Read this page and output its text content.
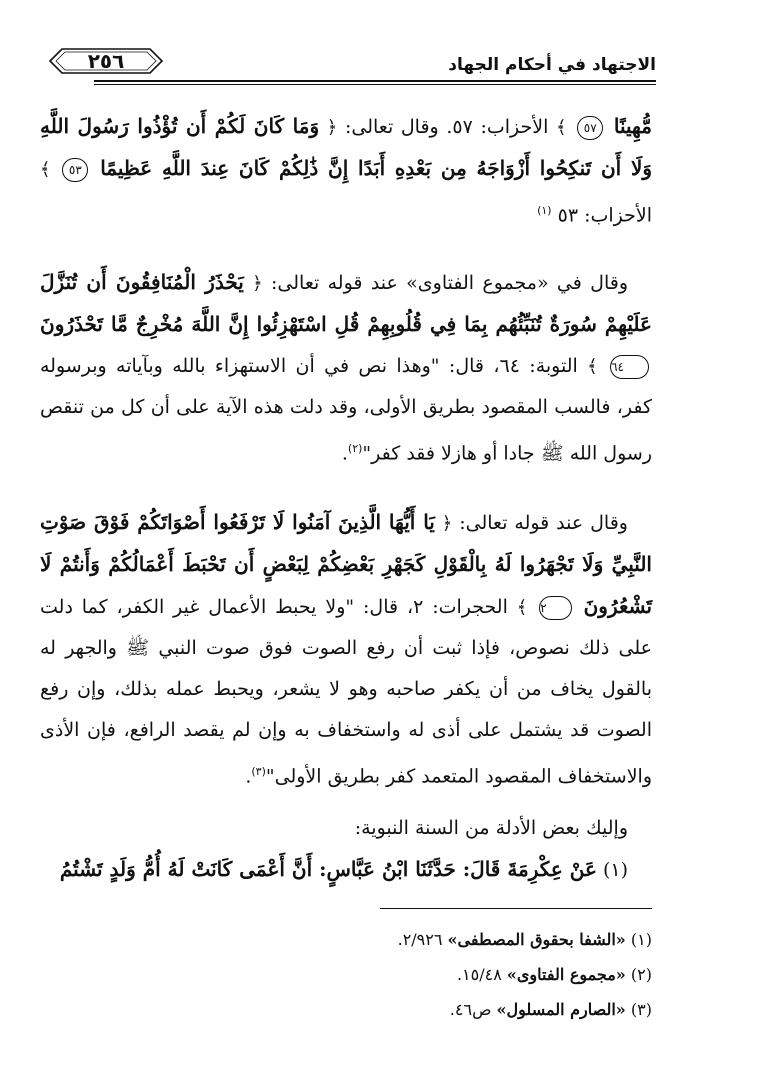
٢٥٦	الاجتهاد في أحكام الجهاد

مُّهِينًا ٥٧ ﴾ الأحزاب: ٥٧. وقال تعالى: ﴿ وَمَا كَانَ لَكُمْ أَن تُؤْذُوا رَسُولَ اللَّهِ وَلَا أَن تَنكِحُوا أَزْوَاجَهُ مِن بَعْدِهِ أَبَدًا إِنَّ ذَٰلِكُمْ كَانَ عِندَ اللَّهِ عَظِيمًا ٥٣ ﴾ الأحزاب: ٥٣ $^{(١)}$

وقال في «مجموع الفتاوى» عند قوله تعالى: ﴿ يَحْذَرُ الْمُنَافِقُونَ أَن تُنَزَّلَ عَلَيْهِمْ سُورَةٌ تُنَبِّئُهُم بِمَا فِي قُلُوبِهِمْ قُلِ اسْتَهْزِئُوا إِنَّ اللَّهَ مُخْرِجٌ مَّا تَحْذَرُونَ ٦٤ ﴾ التوبة: ٦٤، قال: "وهذا نص في أن الاستهزاء بالله وبآياته وبرسوله كفر، فالسب المقصود بطريق الأولى، وقد دلت هذه الآية على أن كل من تنقص رسول الله ﷺ جادا أو هازلا فقد كفر"$^{(٢)}$.

وقال عند قوله تعالى: ﴿ يَا أَيُّهَا الَّذِينَ آمَنُوا لَا تَرْفَعُوا أَصْوَاتَكُمْ فَوْقَ صَوْتِ النَّبِيِّ وَلَا تَجْهَرُوا لَهُ بِالْقَوْلِ كَجَهْرِ بَعْضِكُمْ لِبَعْضٍ أَن تَحْبَطَ أَعْمَالُكُمْ وَأَنتُمْ لَا تَشْعُرُونَ ٢ ﴾ الحجرات: ٢، قال: "ولا يحبط الأعمال غير الكفر، كما دلت على ذلك نصوص، فإذا ثبت أن رفع الصوت فوق صوت النبي ﷺ والجهر له بالقول يخاف من أن يكفر صاحبه وهو لا يشعر، ويحبط عمله بذلك، وإن رفع الصوت قد يشتمل على أذى له واستخفاف به وإن لم يقصد الرافع، فإن الأذى والاستخفاف المقصود المتعمد كفر بطريق الأولى"$^{(٣)}$.

وإليك بعض الأدلة من السنة النبوية:

(١) عَنْ عِكْرِمَةَ قَالَ: حَدَّثَنَا ابْنُ عَبَّاسٍ: أَنَّ أَعْمَى كَانَتْ لَهُ أُمُّ وَلَدٍ تَشْتُمُ

(١) «الشفا بحقوق المصطفى» ٢/٩٢٦.

(٢) «مجموع الفتاوى» ١٥/٤٨.

(٣) «الصارم المسلول» ص٤٦.
